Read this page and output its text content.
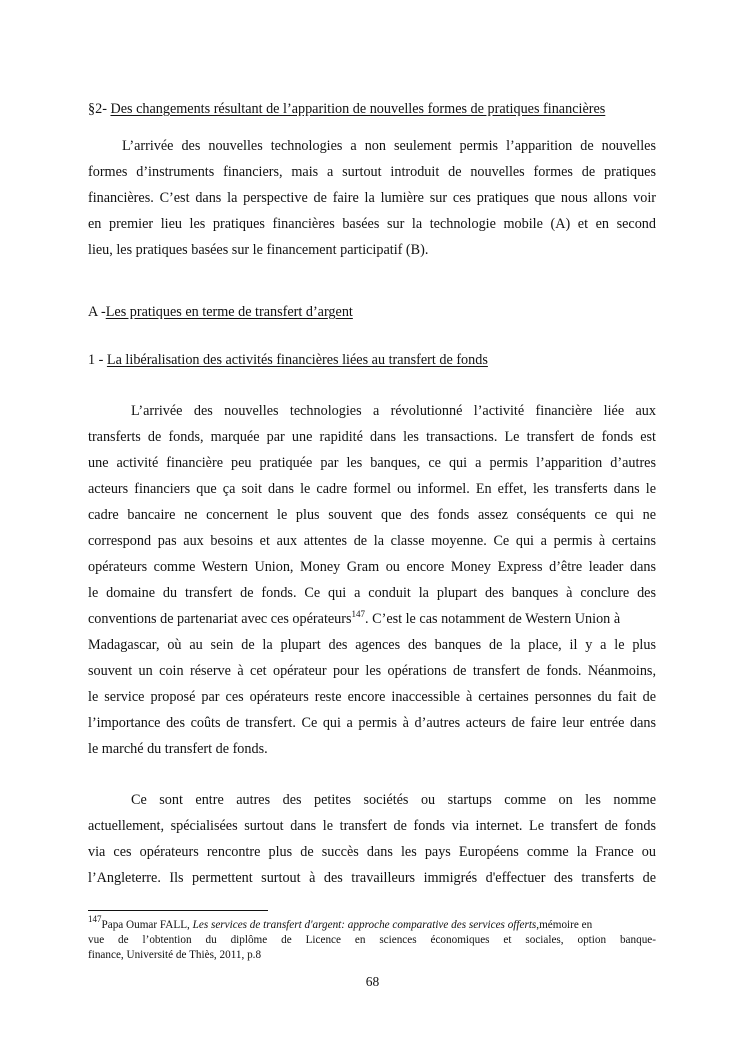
§2- Des changements résultant de l’apparition de nouvelles formes de pratiques financières
L’arrivée des nouvelles technologies a non seulement permis l’apparition de nouvelles
formes d’instruments financiers, mais a surtout introduit de nouvelles formes de pratiques
financières. C’est dans la perspective de faire la lumière sur ces pratiques que nous allons voir
en premier lieu les pratiques financières basées sur la technologie mobile (A) et en second
lieu, les pratiques basées sur le financement participatif (B).
A -Les pratiques en terme de transfert d’argent
1 - La libéralisation des activités financières liées au transfert de fonds
L’arrivée des nouvelles technologies a révolutionné l’activité financière liée aux
transferts de fonds, marquée par une rapidité dans les transactions. Le transfert de fonds est
une activité financière peu pratiquée par les banques, ce qui a permis l’apparition d’autres
acteurs financiers que ça soit dans le cadre formel ou informel. En effet, les transferts dans le
cadre bancaire ne concernent le plus souvent que des fonds assez conséquents ce qui ne
correspond pas aux besoins et aux attentes de la classe moyenne. Ce qui a permis à certains
opérateurs comme Western Union, Money Gram ou encore Money Express d’être leader dans
le domaine du transfert de fonds. Ce qui a conduit la plupart des banques à conclure des
conventions de partenariat avec ces opérateurs$^{147}$. C’est le cas notamment de Western Union à
Madagascar, où au sein de la plupart des agences des banques de la place, il y a le plus
souvent un coin réserve à cet opérateur pour les opérations de transfert de fonds. Néanmoins,
le service proposé par ces opérateurs reste encore inaccessible à certaines personnes du fait de
l’importance des coûts de transfert. Ce qui a permis à d’autres acteurs de faire leur entrée dans
le marché du transfert de fonds.
Ce sont entre autres des petites sociétés ou startups comme on les nomme
actuellement, spécialisées surtout dans le transfert de fonds via internet. Le transfert de fonds
via ces opérateurs rencontre plus de succès dans les pays Européens comme la France ou
l’Angleterre. Ils permettent surtout à des travailleurs immigrés d'effectuer des transferts de
$^{147}$Papa Oumar FALL, Les services de transfert d'argent: approche comparative des services offerts,mémoire en
vue de l’obtention du diplôme de Licence en sciences économiques et sociales, option banque-
finance, Université de Thiès, 2011, p.8
68
